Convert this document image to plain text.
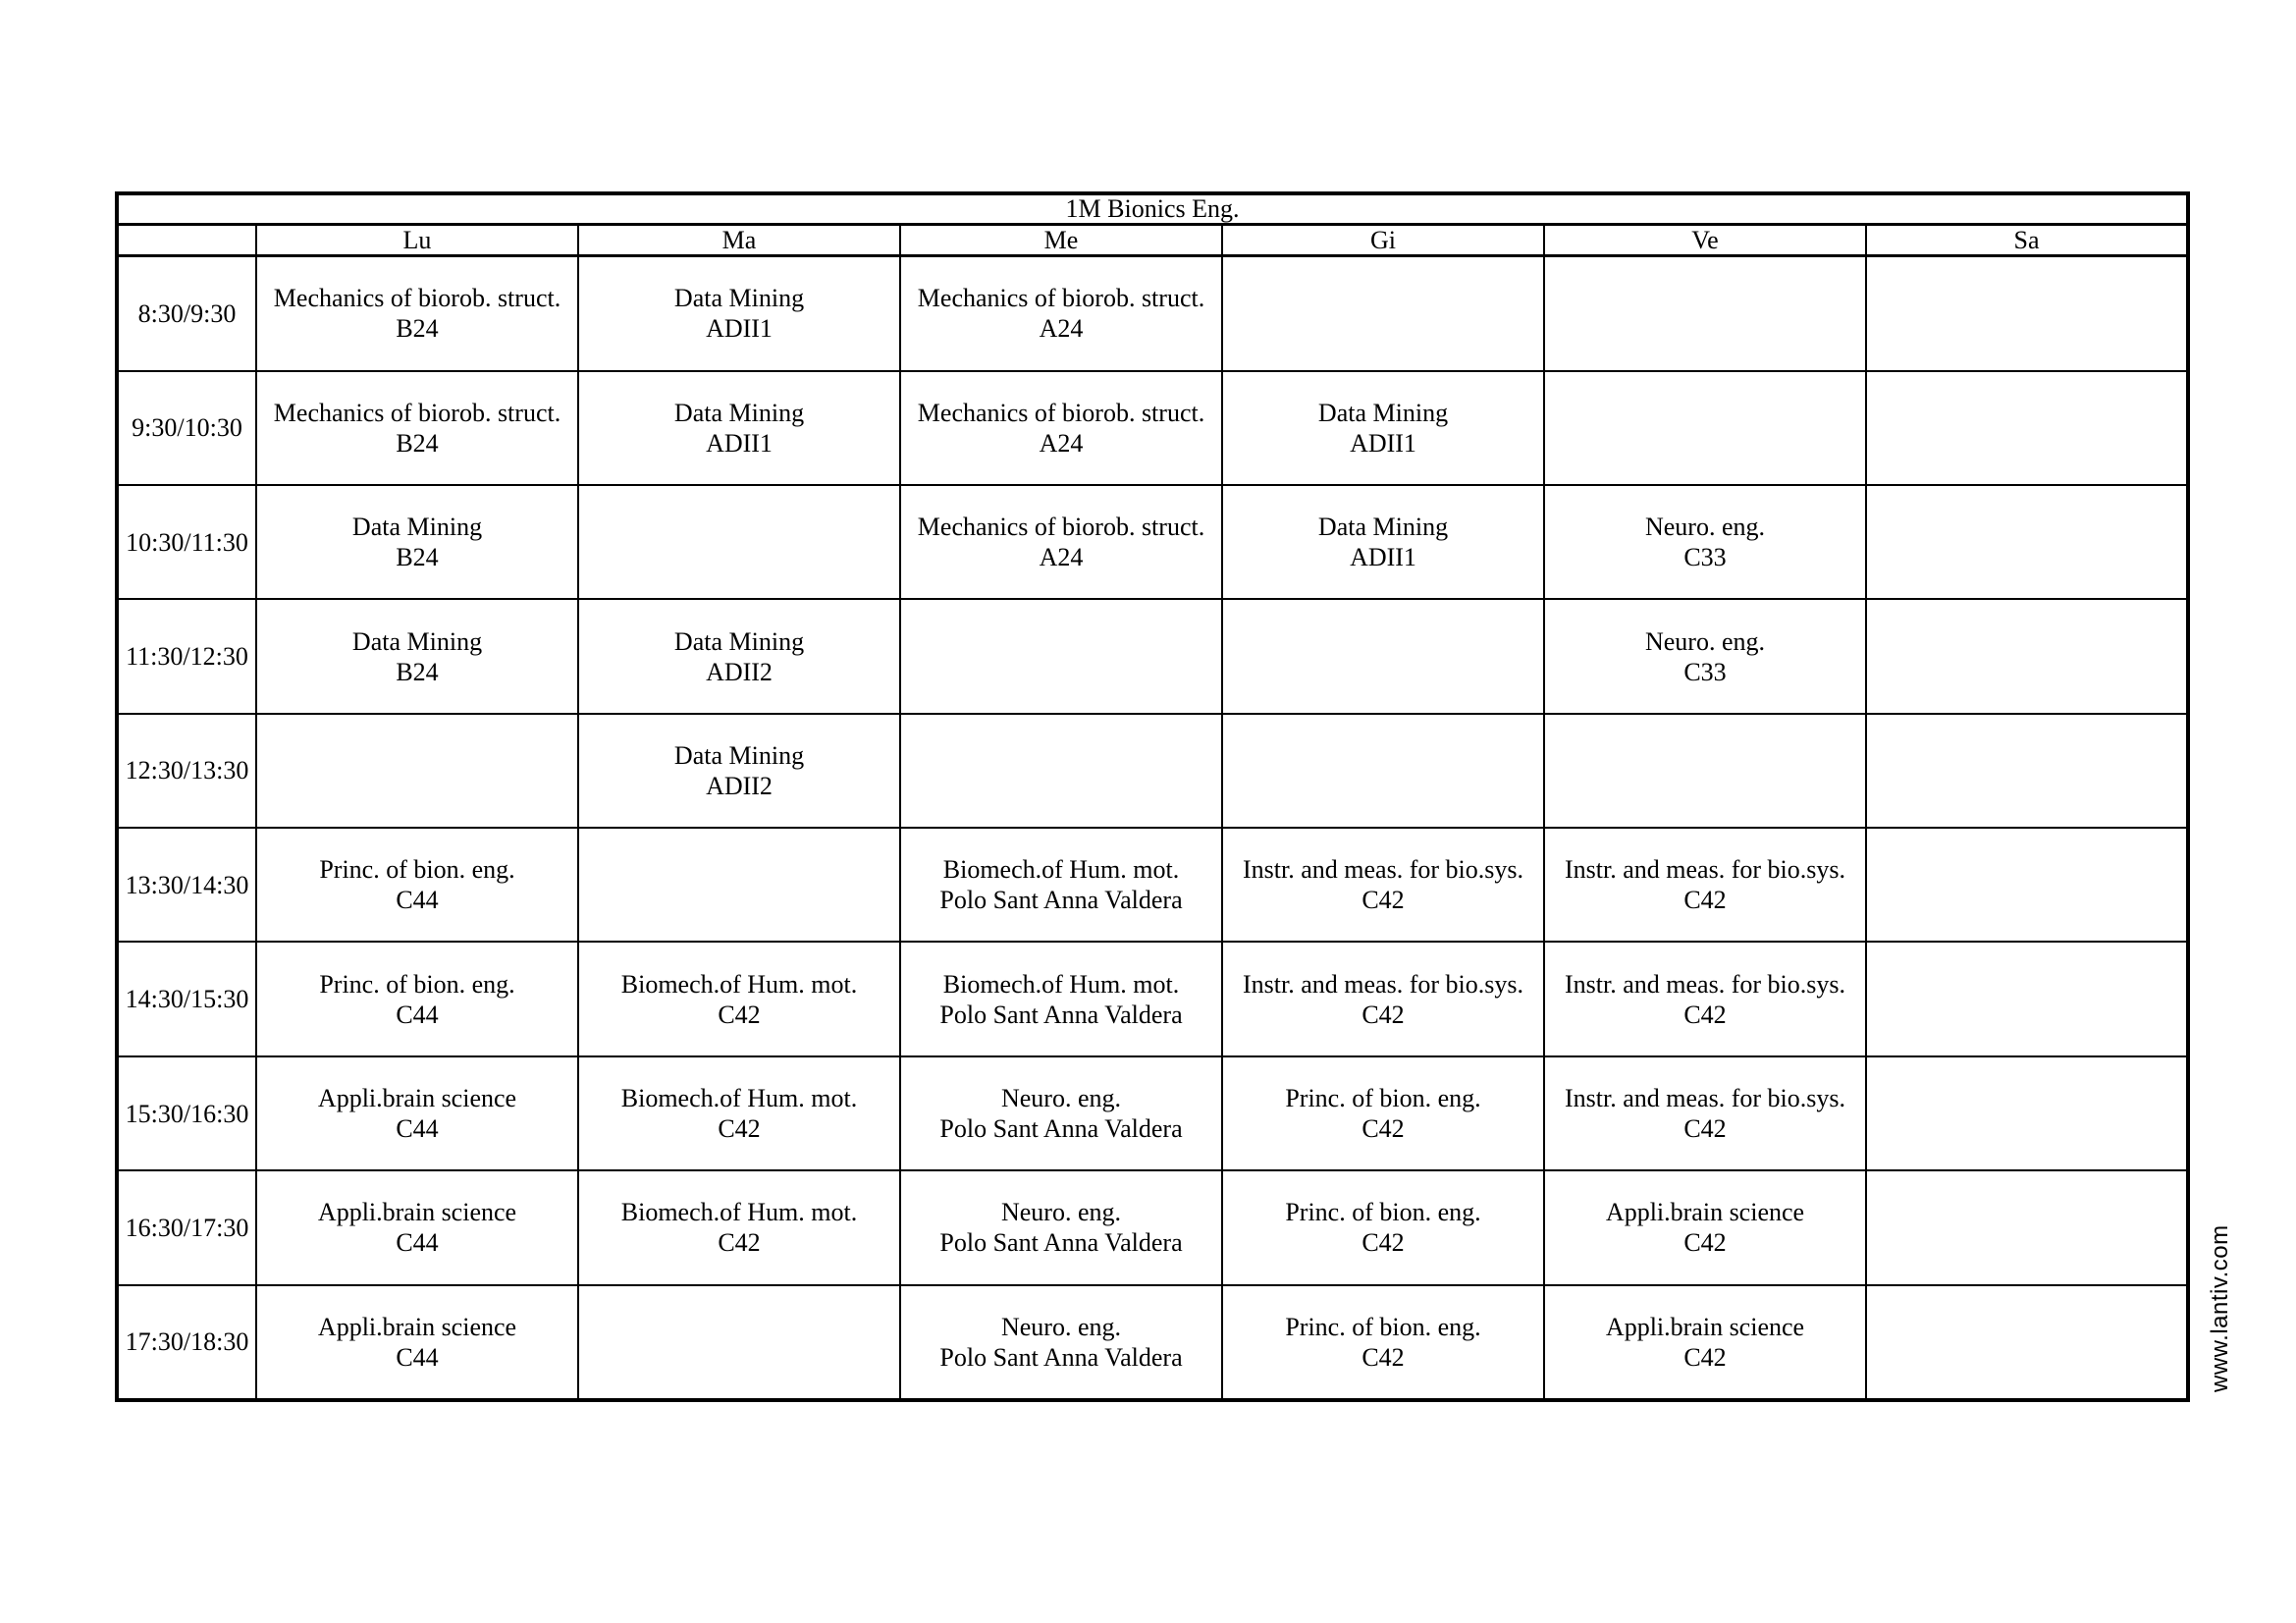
1M Bionics Eng.						
	Lu	Ma	Me	Gi	Ve	Sa
8:30/9:30	Mechanics of biorob. struct.
B24	Data Mining
ADII1	Mechanics of biorob. struct.
A24			

9:30/10:30	Mechanics of biorob. struct.
B24	Data Mining
ADII1	Mechanics of biorob. struct.
A24	Data Mining
ADII1		

10:30/11:30	Data Mining
B24		Mechanics of biorob. struct.
A24	Data Mining
ADII1	Neuro. eng.
C33	

11:30/12:30	Data Mining
B24	Data Mining
ADII2			Neuro. eng.
C33	

12:30/13:30		Data Mining
ADII2				

13:30/14:30	Princ. of bion. eng.
C44		Biomech.of Hum. mot.
Polo Sant Anna Valdera	Instr. and meas. for bio.sys.
C42	Instr. and meas. for bio.sys.
C42	

14:30/15:30	Princ. of bion. eng.
C44	Biomech.of Hum. mot.
C42	Biomech.of Hum. mot.
Polo Sant Anna Valdera	Instr. and meas. for bio.sys.
C42	Instr. and meas. for bio.sys.
C42	

15:30/16:30	Appli.brain science
C44	Biomech.of Hum. mot.
C42	Neuro. eng.
Polo Sant Anna Valdera	Princ. of bion. eng.
C42	Instr. and meas. for bio.sys.
C42	

16:30/17:30	Appli.brain science
C44	Biomech.of Hum. mot.
C42	Neuro. eng.
Polo Sant Anna Valdera	Princ. of bion. eng.
C42	Appli.brain science
C42	

17:30/18:30	Appli.brain science
C44		Neuro. eng.
Polo Sant Anna Valdera	Princ. of bion. eng.
C42	Appli.brain science
C42	
		www.lantiv.com
